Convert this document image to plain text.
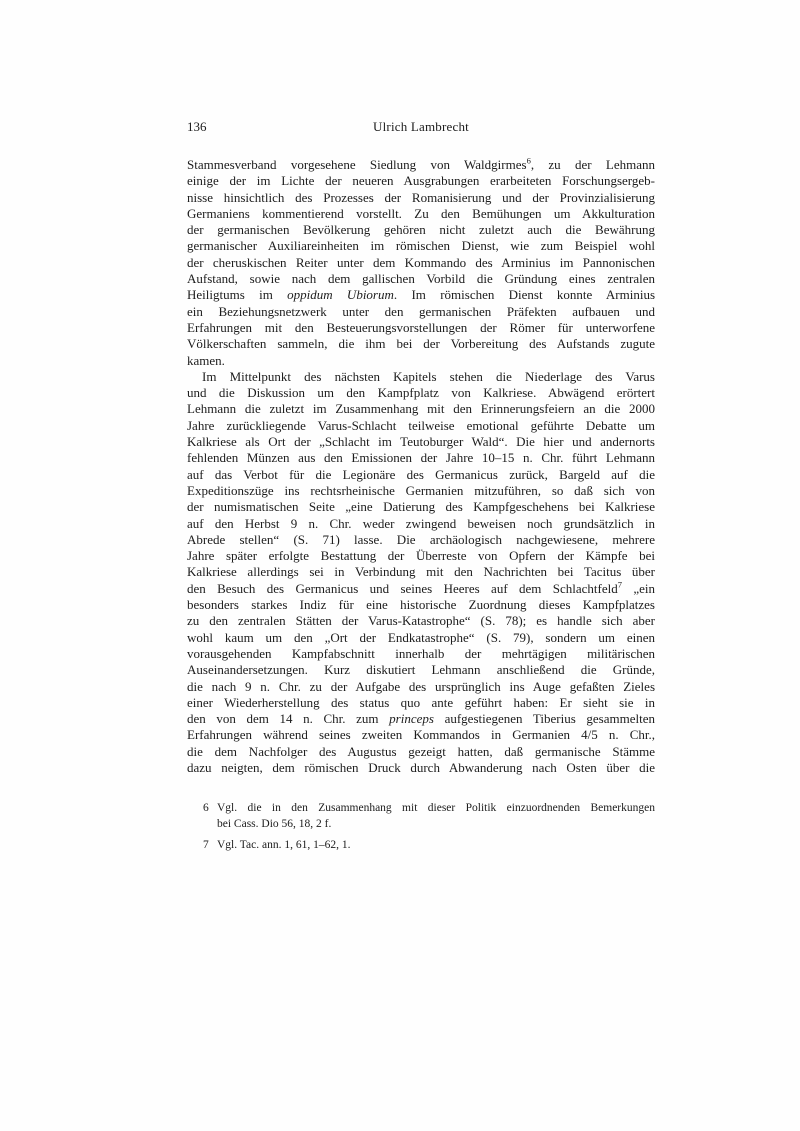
136	Ulrich Lambrecht
Stammesverband vorgesehene Siedlung von Waldgirmes$^6$, zu der Lehmann
einige der im Lichte der neueren Ausgrabungen erarbeiteten Forschungsergeb-
nisse hinsichtlich des Prozesses der Romanisierung und der Provinzialisierung
Germaniens kommentierend vorstellt. Zu den Bemühungen um Akkulturation
der germanischen Bevölkerung gehören nicht zuletzt auch die Bewährung
germanischer Auxiliareinheiten im römischen Dienst, wie zum Beispiel wohl
der cheruskischen Reiter unter dem Kommando des Arminius im Pannonischen
Aufstand, sowie nach dem gallischen Vorbild die Gründung eines zentralen
Heiligtums im oppidum Ubiorum. Im römischen Dienst konnte Arminius
ein Beziehungsnetzwerk unter den germanischen Präfekten aufbauen und
Erfahrungen mit den Besteuerungsvorstellungen der Römer für unterworfene
Völkerschaften sammeln, die ihm bei der Vorbereitung des Aufstands zugute
kamen.
Im Mittelpunkt des nächsten Kapitels stehen die Niederlage des Varus
und die Diskussion um den Kampfplatz von Kalkriese. Abwägend erörtert
Lehmann die zuletzt im Zusammenhang mit den Erinnerungsfeiern an die 2000
Jahre zurückliegende Varus-Schlacht teilweise emotional geführte Debatte um
Kalkriese als Ort der „Schlacht im Teutoburger Wald“. Die hier und andernorts
fehlenden Münzen aus den Emissionen der Jahre 10–15 n. Chr. führt Lehmann
auf das Verbot für die Legionäre des Germanicus zurück, Bargeld auf die
Expeditionszüge ins rechtsrheinische Germanien mitzuführen, so daß sich von
der numismatischen Seite „eine Datierung des Kampfgeschehens bei Kalkriese
auf den Herbst 9 n. Chr. weder zwingend beweisen noch grundsätzlich in
Abrede stellen“ (S. 71) lasse. Die archäologisch nachgewiesene, mehrere
Jahre später erfolgte Bestattung der Überreste von Opfern der Kämpfe bei
Kalkriese allerdings sei in Verbindung mit den Nachrichten bei Tacitus über
den Besuch des Germanicus und seines Heeres auf dem Schlachtfeld$^7$ „ein
besonders starkes Indiz für eine historische Zuordnung dieses Kampfplatzes
zu den zentralen Stätten der Varus-Katastrophe“ (S. 78); es handle sich aber
wohl kaum um den „Ort der Endkatastrophe“ (S. 79), sondern um einen
vorausgehenden Kampfabschnitt innerhalb der mehrtägigen militärischen
Auseinandersetzungen. Kurz diskutiert Lehmann anschließend die Gründe,
die nach 9 n. Chr. zu der Aufgabe des ursprünglich ins Auge gefaßten Zieles
einer Wiederherstellung des status quo ante geführt haben: Er sieht sie in
den von dem 14 n. Chr. zum princeps aufgestiegenen Tiberius gesammelten
Erfahrungen während seines zweiten Kommandos in Germanien 4/5 n. Chr.,
die dem Nachfolger des Augustus gezeigt hatten, daß germanische Stämme
dazu neigten, dem römischen Druck durch Abwanderung nach Osten über die
6 Vgl. die in den Zusammenhang mit dieser Politik einzuordnenden Bemerkungen
bei Cass. Dio 56, 18, 2 f.
7 Vgl. Tac. ann. 1, 61, 1–62, 1.
